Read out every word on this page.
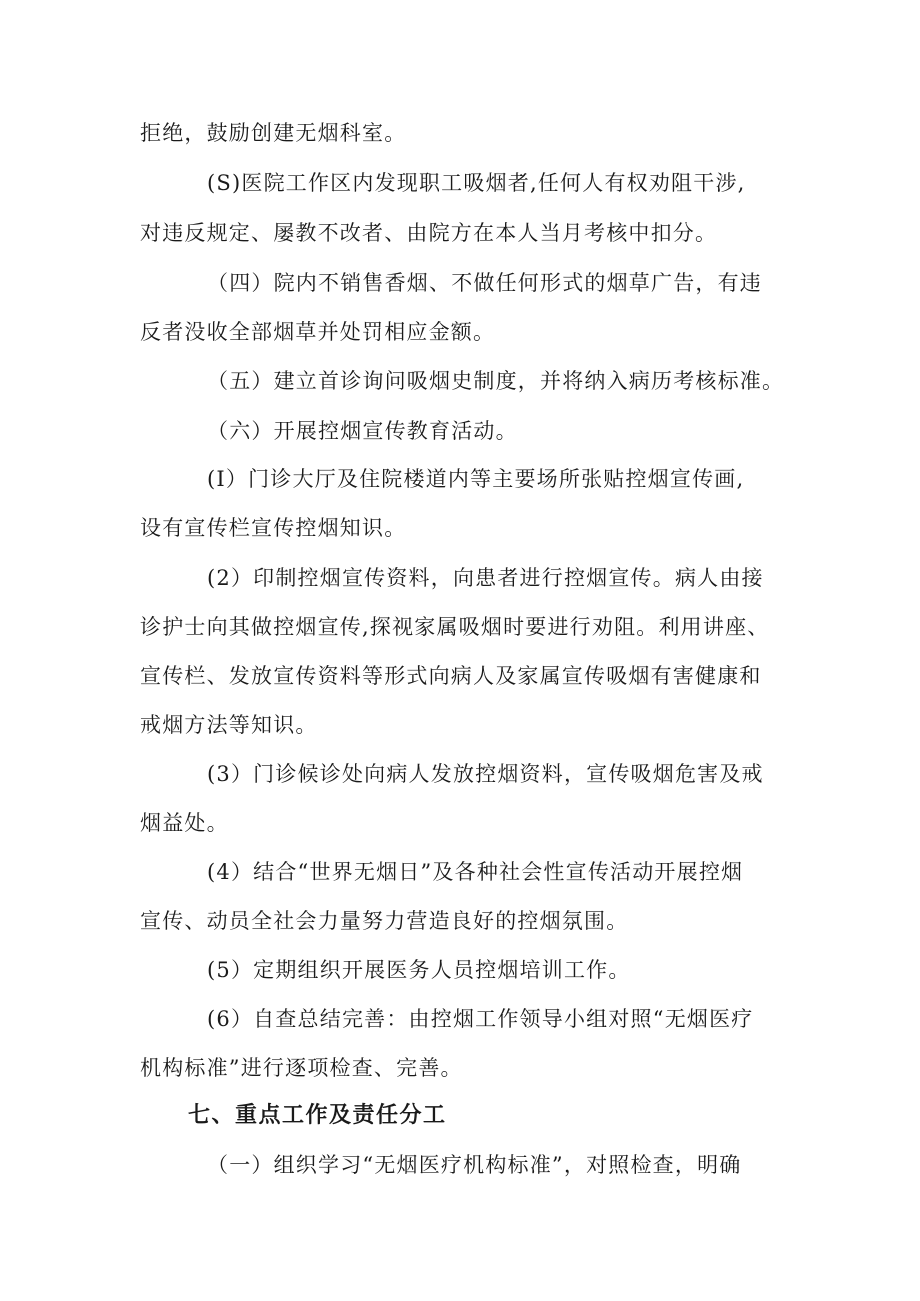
拒绝，鼓励创建无烟科室。
(S)医院工作区内发现职工吸烟者,任何人有权劝阻干涉,
对违反规定、屡教不改者、由院方在本人当月考核中扣分。
（四）院内不销售香烟、不做任何形式的烟草广告，有违
反者没收全部烟草并处罚相应金额。
（五）建立首诊询问吸烟史制度，并将纳入病历考核标准。
（六）开展控烟宣传教育活动。
(I）门诊大厅及住院楼道内等主要场所张贴控烟宣传画,
设有宣传栏宣传控烟知识。
(2）印制控烟宣传资料，向患者进行控烟宣传。病人由接
诊护士向其做控烟宣传,探视家属吸烟时要进行劝阻。利用讲座、
宣传栏、发放宣传资料等形式向病人及家属宣传吸烟有害健康和
戒烟方法等知识。
(3）门诊候诊处向病人发放控烟资料，宣传吸烟危害及戒
烟益处。
(4）结合“世界无烟日”及各种社会性宣传活动开展控烟
宣传、动员全社会力量努力营造良好的控烟氛围。
(5）定期组织开展医务人员控烟培训工作。
(6）自查总结完善：由控烟工作领导小组对照“无烟医疗
机构标准”进行逐项检查、完善。
七、重点工作及责任分工
（一）组织学习“无烟医疗机构标准”，对照检查，明确
